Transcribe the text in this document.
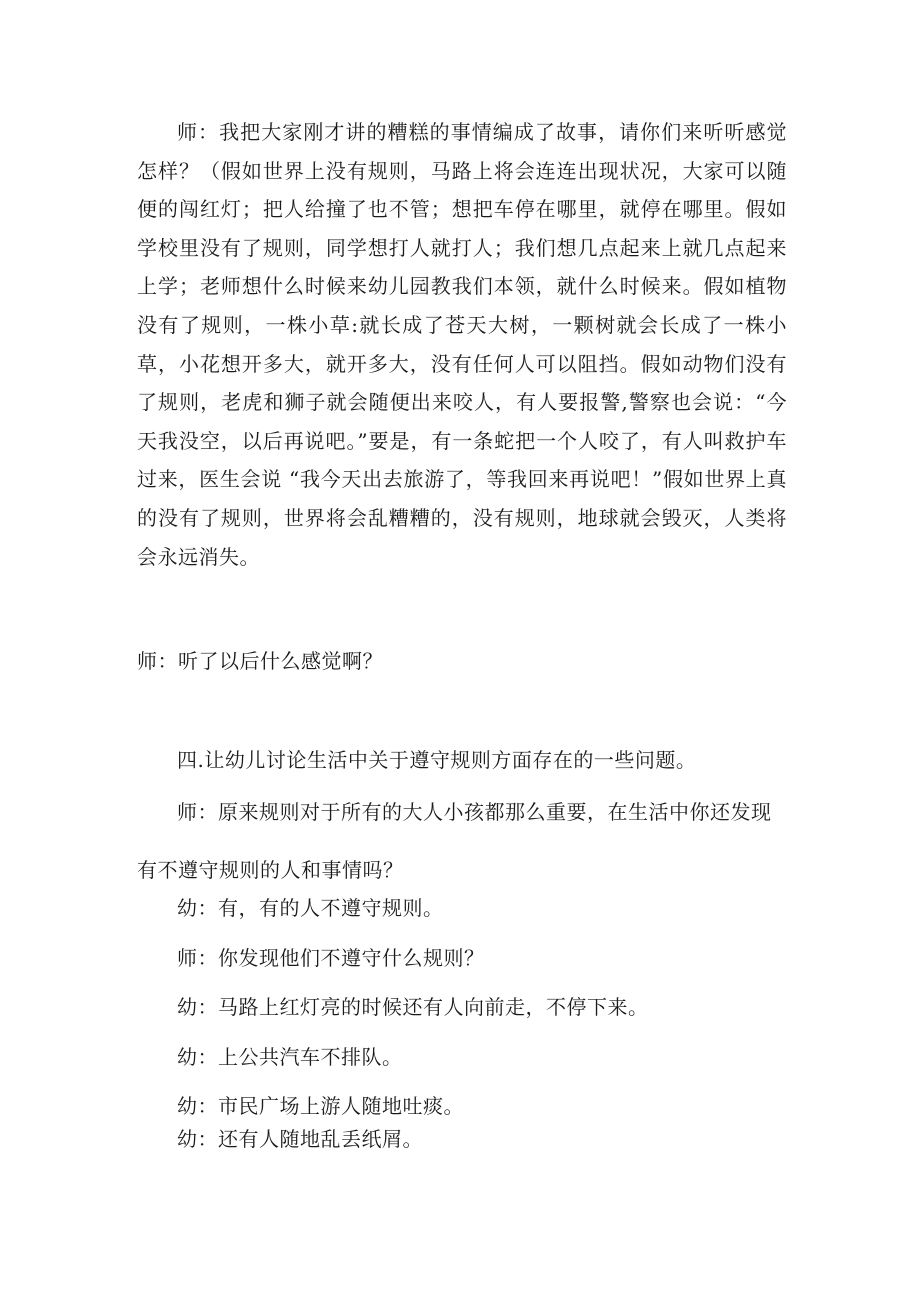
师：我把大家刚才讲的糟糕的事情编成了故事，请你们来听听感觉怎样？（假如世界上没有规则，马路上将会连连出现状况，大家可以随便的闯红灯；把人给撞了也不管；想把车停在哪里，就停在哪里。假如学校里没有了规则，同学想打人就打人；我们想几点起来上就几点起来上学；老师想什么时候来幼儿园教我们本领，就什么时候来。假如植物没有了规则，一株小草:就长成了苍天大树，一颗树就会长成了一株小草，小花想开多大，就开多大，没有任何人可以阻挡。假如动物们没有了规则，老虎和狮子就会随便出来咬人，有人要报警,警察也会说：“今天我没空，以后再说吧。”要是，有一条蛇把一个人咬了，有人叫救护车过来，医生会说 “我今天出去旅游了，等我回来再说吧！”假如世界上真的没有了规则，世界将会乱糟糟的，没有规则，地球就会毁灭，人类将会永远消失。

师：听了以后什么感觉啊？

四.让幼儿讨论生活中关于遵守规则方面存在的一些问题。

师：原来规则对于所有的大人小孩都那么重要，在生活中你还发现有不遵守规则的人和事情吗？

幼：有，有的人不遵守规则。

师：你发现他们不遵守什么规则？

幼：马路上红灯亮的时候还有人向前走，不停下来。

幼：上公共汽车不排队。

幼：市民广场上游人随地吐痰。

幼：还有人随地乱丢纸屑。
